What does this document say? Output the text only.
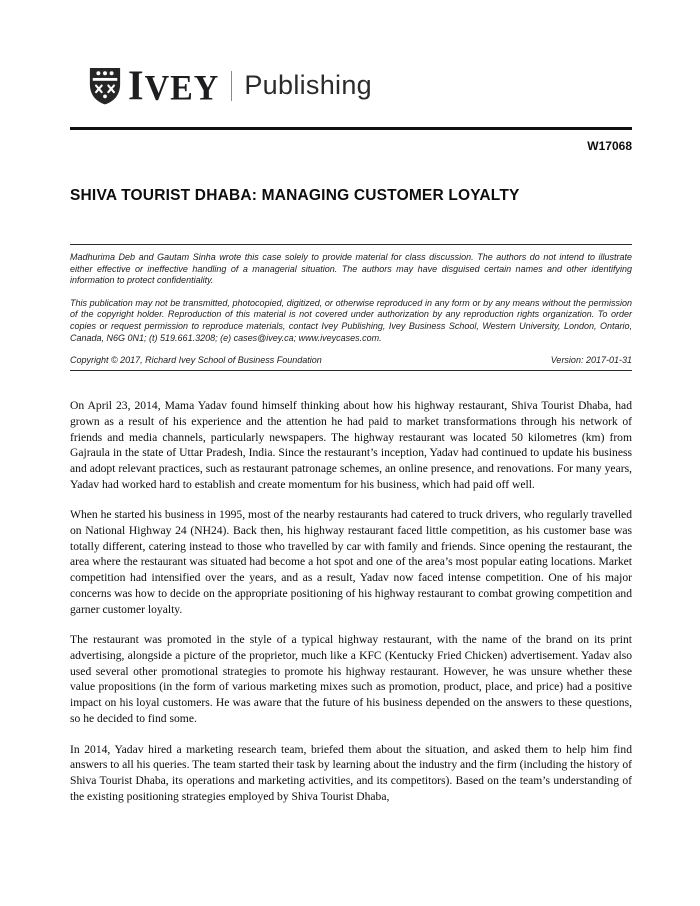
IVEY Publishing
W17068
SHIVA TOURIST DHABA: MANAGING CUSTOMER LOYALTY

Madhurima Deb and Gautam Sinha wrote this case solely to provide material for class discussion. The authors do not intend to illustrate either effective or ineffective handling of a managerial situation. The authors may have disguised certain names and other identifying information to protect confidentiality.

This publication may not be transmitted, photocopied, digitized, or otherwise reproduced in any form or by any means without the permission of the copyright holder. Reproduction of this material is not covered under authorization by any reproduction rights organization. To order copies or request permission to reproduce materials, contact Ivey Publishing, Ivey Business School, Western University, London, Ontario, Canada, N6G 0N1; (t) 519.661.3208; (e) cases@ivey.ca; www.iveycases.com.

Copyright © 2017, Richard Ivey School of Business Foundation	Version: 2017-01-31

On April 23, 2014, Mama Yadav found himself thinking about how his highway restaurant, Shiva Tourist Dhaba, had grown as a result of his experience and the attention he had paid to market transformations through his network of friends and media channels, particularly newspapers. The highway restaurant was located 50 kilometres (km) from Gajraula in the state of Uttar Pradesh, India. Since the restaurant’s inception, Yadav had continued to update his business and adopt relevant practices, such as restaurant patronage schemes, an online presence, and renovations. For many years, Yadav had worked hard to establish and create momentum for his business, which had paid off well.

When he started his business in 1995, most of the nearby restaurants had catered to truck drivers, who regularly travelled on National Highway 24 (NH24). Back then, his highway restaurant faced little competition, as his customer base was totally different, catering instead to those who travelled by car with family and friends. Since opening the restaurant, the area where the restaurant was situated had become a hot spot and one of the area’s most popular eating locations. Market competition had intensified over the years, and as a result, Yadav now faced intense competition. One of his major concerns was how to decide on the appropriate positioning of his highway restaurant to combat growing competition and garner customer loyalty.

The restaurant was promoted in the style of a typical highway restaurant, with the name of the brand on its print advertising, alongside a picture of the proprietor, much like a KFC (Kentucky Fried Chicken) advertisement. Yadav also used several other promotional strategies to promote his highway restaurant. However, he was unsure whether these value propositions (in the form of various marketing mixes such as promotion, product, place, and price) had a positive impact on his loyal customers. He was aware that the future of his business depended on the answers to these questions, so he decided to find some.

In 2014, Yadav hired a marketing research team, briefed them about the situation, and asked them to help him find answers to all his queries. The team started their task by learning about the industry and the firm (including the history of Shiva Tourist Dhaba, its operations and marketing activities, and its competitors). Based on the team’s understanding of the existing positioning strategies employed by Shiva Tourist Dhaba,
